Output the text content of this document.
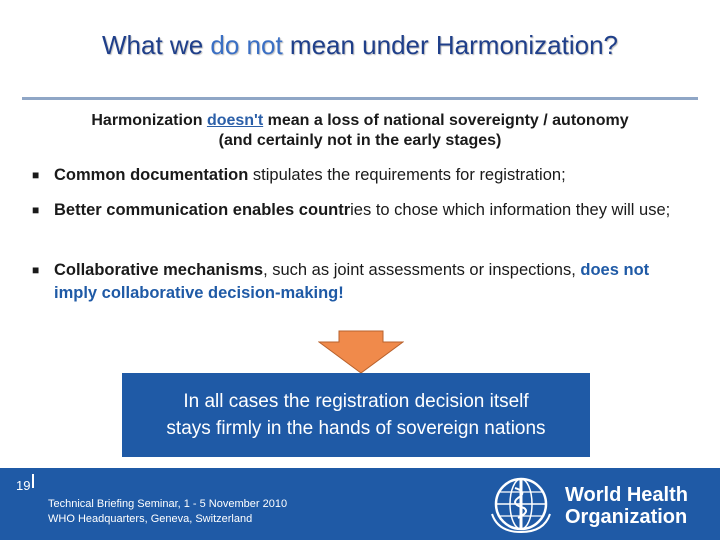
What we do not mean under Harmonization?
Harmonization doesn't mean a loss of national sovereignty / autonomy
(and certainly not in the early stages)
■ Common documentation stipulates the requirements for registration;
■ Better communication enables countries to chose which information they will use;
■ Collaborative mechanisms, such as joint assessments or inspections, does not imply collaborative decision-making!
In all cases the registration decision itself
stays firmly in the hands of sovereign nations
19
Technical Briefing Seminar, 1 - 5 November 2010
WHO Headquarters, Geneva, Switzerland
World Health
Organization
